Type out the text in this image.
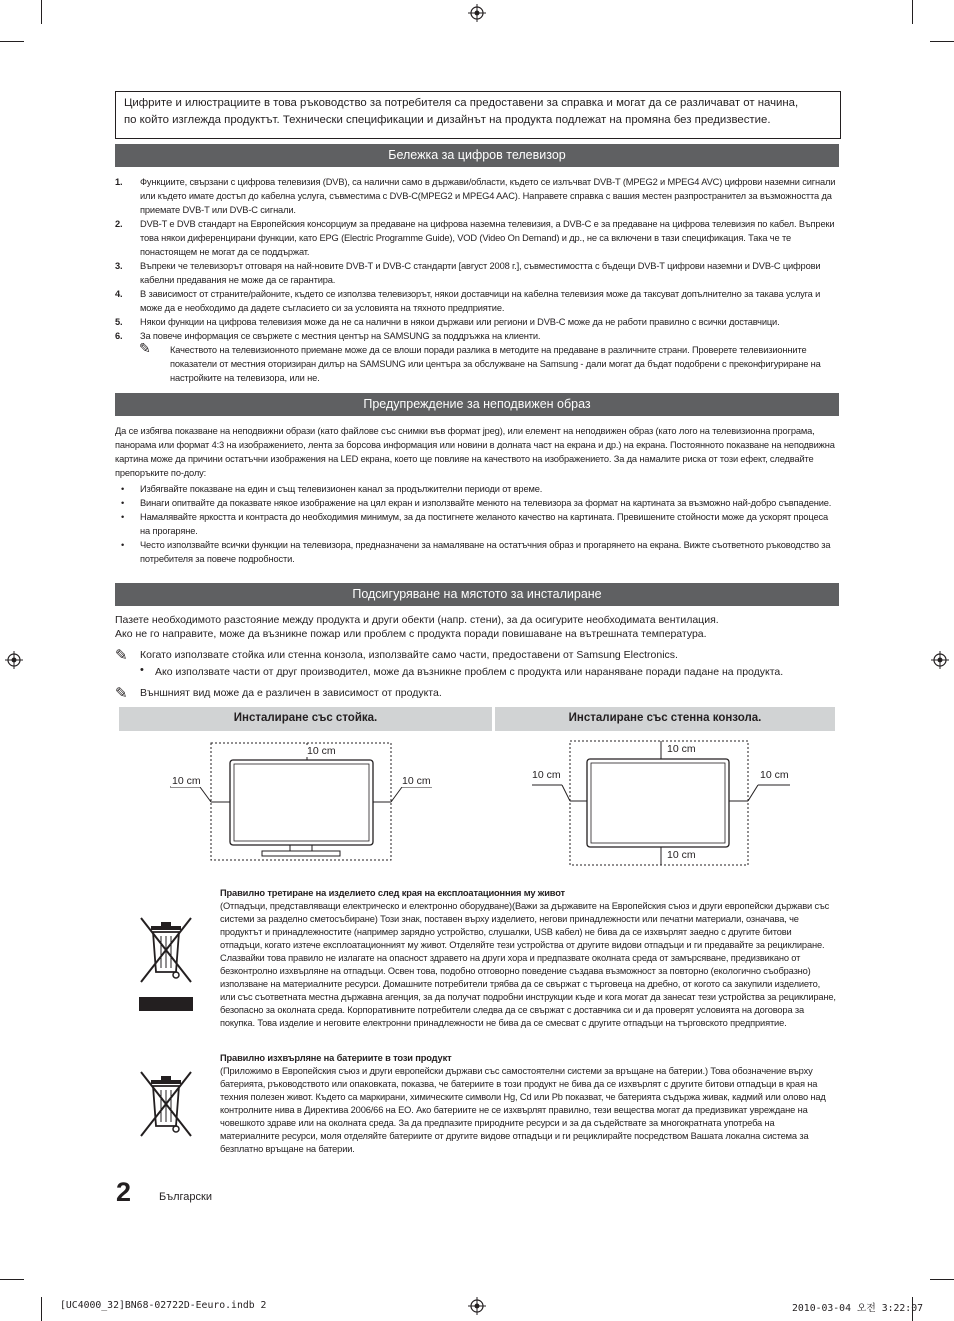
Цифрите и илюстрациите в това ръководство за потребителя са предоставени за справка и могат да се различават от начина,
по който изглежда продуктът. Технически спецификации и дизайнът на продукта подлежат на промяна без предизвестие.
Бележка за цифров телевизор
1. Функциите, свързани с цифрова телевизия (DVB), са налични само в държави/области, където се излъчват DVB-T (MPEG2 и MPEG4 AVC) цифрови наземни сигнали или където имате достъп до кабелна услуга, съвместима с DVB-C(MPEG2 и MPEG4 AAC). Направете справка с вашия местен разпространител за възможността да приемате DVB-T или DVB-C сигнали.
2. DVB-T е DVB стандарт на Европейския консорциум за предаване на цифрова наземна телевизия, а DVB-C е за предаване на цифрова телевизия по кабел. Въпреки това някои диференцирани функции, като EPG (Electric Programme Guide), VOD (Video On Demand) и др., не са включени в тази спецификация. Така че те понастоящем не могат да се поддържат.
3. Въпреки че телевизорът отговаря на най-новите DVB-T и DVB-C стандарти [август 2008 г.], съвместимостта с бъдещи DVB-T цифрови наземни и DVB-C цифрови кабелни предавания не може да се гарантира.
4. В зависимост от страните/районите, където се използва телевизорът, някои доставчици на кабелна телевизия може да таксуват допълнително за такава услуга и може да е необходимо да дадете съгласието си за условията на тяхното предприятие.
5. Някои функции на цифрова телевизия може да не са налични в някои държави или региони и DVB-C може да не работи правилно с всички доставчици.
6. За повече информация се свържете с местния център на SAMSUNG за поддръжка на клиенти.
✎ Качеството на телевизионното приемане може да се влоши поради разлика в методите на предаване в различните страни. Проверете телевизионните показатели от местния оторизиран дилър на SAMSUNG или центъра за обслужване на Samsung - дали могат да бъдат подобрени с преконфигуриране на настройките на телевизора, или не.
Предупреждение за неподвижен образ
Да се избягва показване на неподвижни образи (като файлове със снимки във формат jpeg), или елемент на неподвижен образ (като лого на телевизионна програма, панорама или формат 4:3 на изображението, лента за борсова информация или новини в долната част на екрана и др.) на екрана. Постоянното показване на неподвижна картина може да причини остатъчни изображения на LED екрана, което ще повлияе на качеството на изображението. За да намалите риска от този ефект, следвайте препоръките по-долу:
• Избягвайте показване на един и същ телевизионен канал за продължителни периоди от време.
• Винаги опитвайте да показвате някое изображение на цял екран и използвайте менюто на телевизора за формат на картината за възможно най-добро съвпадение.
• Намалявайте яркостта и контраста до необходимия минимум, за да постигнете желаното качество на картината. Превишените стойности може да ускорят процеса на прогаряне.
• Често използвайте всички функции на телевизора, предназначени за намаляване на остатъчния образ и прогарянето на екрана. Вижте съответното ръководство за потребителя за повече подробности.
Подсигуряване на мястото за инсталиране
Пазете необходимото разстояние между продукта и други обекти (напр. стени), за да осигурите необходимата вентилация.
Ако не го направите, може да възникне пожар или проблем с продукта поради повишаване на вътрешната температура.
✎ Когато използвате стойка или стенна конзола, използвайте само части, предоставени от Samsung Electronics.
• Ако използвате части от друг производител, може да възникне проблем с продукта или нараняване поради падане на продукта.
✎ Външният вид може да е различен в зависимост от продукта.
Инсталиране със стойка.	Инсталиране със стенна конзола.
10 cm
10 cm	10 cm
10 cm
10 cm	10 cm
10 cm
Правилно третиране на изделието след края на експлоатационния му живот
(Отпадъци, представляващи електрическо и електронно оборудване)(Важи за държавите на Европейския съюз и други европейски държави със системи за разделно сметосъбиране) Този знак, поставен върху изделието, негови принадлежности или печатни материали, означава, че продуктът и принадлежностите (например зарядно устройство, слушалки, USB кабел) не бива да се изхвърлят заедно с другите битови отпадъци, когато изтече експлоатационният му живот. Отделяйте тези устройства от другите видови отпадъци и ги предавайте за рециклиране. Слазвайки това правило не излагате на опасност здравето на други хора и предпазвате околната среда от замърсяване, предизвикано от безконтролно изхвърляне на отпадъци. Освен това, подобно отговорно поведение създава възможност за повторно (екологично съобразно) използване на материалните ресурси. Домашните потребители трябва да се свържат с търговеца на дребно, от когото са закупили изделието, или със съответната местна държавна агенция, за да получат подробни инструкции къде и кога могат да занесат тези устройства за рециклиране, безопасно за околната среда. Корпоративните потребители следва да се свържат с доставчика си и да проверят условията на договора за покупка. Това изделие и неговите електронни принадлежности не бива да се смесват с другите отпадъци на търговското предприятие.
Правилно изхвърляне на батериите в този продукт
(Приложимо в Европейския съюз и други европейски държави със самостоятелни системи за връщане на батерии.) Това обозначение върху батерията, ръководството или опаковката, показва, че батериите в този продукт не бива да се изхвърлят с другите битови отпадъци в края на техния полезен живот. Където са маркирани, химическите символи Hg, Cd или Pb показват, че батерията съдържа живак, кадмий или олово над контролните нива в Директива 2006/66 на ЕО. Ако батериите не се изхвърлят правилно, тези вещества могат да предизвикат увреждане на човешкото здраве или на околната среда. За да предпазите природните ресурси и за да съдействате за многократната употреба на материалните ресурси, моля отделяйте батериите от другите видове отпадъци и ги рециклирайте посредством Вашата локална система за безплатно връщане на батерии.
2	Български
[UC4000_32]BN68-02722D-Eeuro.indb 2	2010-03-04 오전 3:22:07
